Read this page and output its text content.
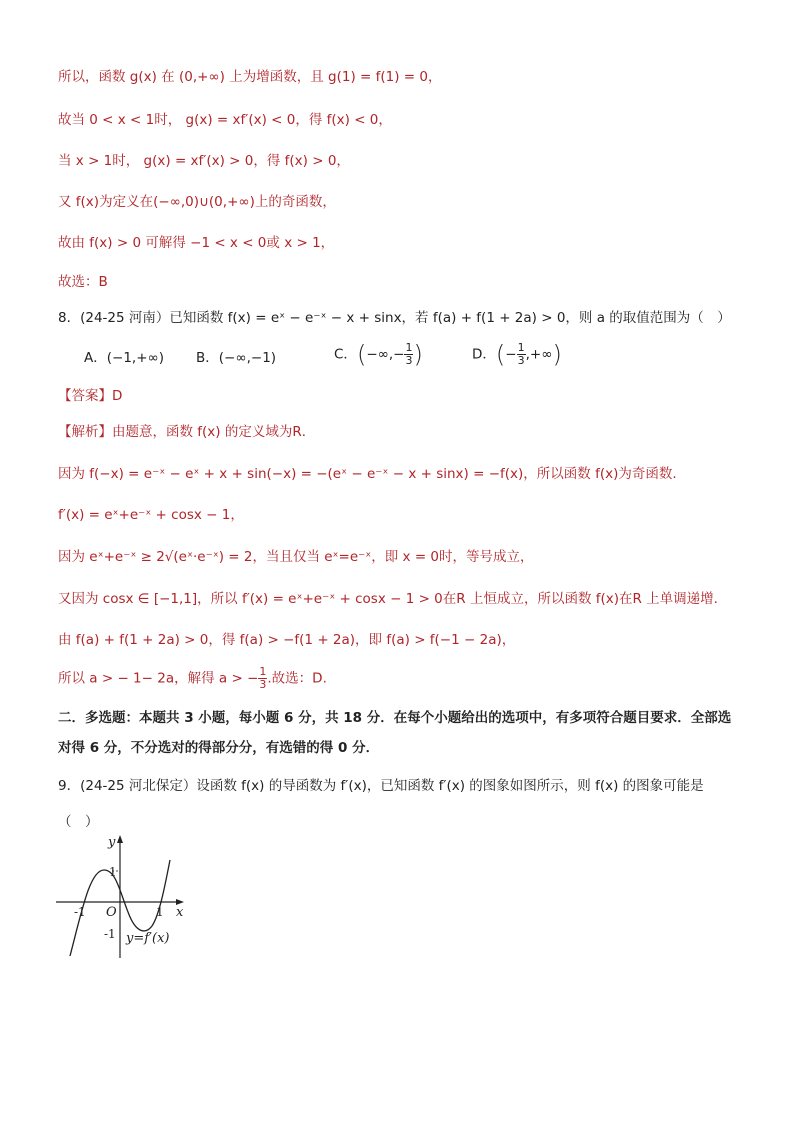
所以，函数 g(x) 在 (0,+∞) 上为增函数，且 g(1) = f(1) = 0，
故当 0 < x < 1时， g(x) = xf′(x) < 0，得 f(x) < 0，
当 x > 1时， g(x) = xf′(x) > 0，得 f(x) > 0，
又 f(x)为定义在(−∞,0)∪(0,+∞)上的奇函数，
故由 f(x) > 0 可解得 −1 < x < 0或 x > 1，
故选：B
8．(24-25 河南）已知函数 f(x) = eˣ − e⁻ˣ − x + sinx，若 f(a) + f(1 + 2a) > 0，则 a 的取值范围为（　）
A．(−1,+∞) B．(−∞,−1)	C．(−∞,− $\frac{1}{3}$ )	D．(− $\frac{1}{3}$ ,+∞)
【答案】D
【解析】由题意，函数 f(x) 的定义域为R．
因为 f(−x) = e⁻ˣ − eˣ + x + sin(−x) = −(eˣ − e⁻ˣ − x + sinx) = −f(x)，所以函数 f(x)为奇函数.
f′(x) = eˣ+e⁻ˣ + cosx − 1，
因为 eˣ+e⁻ˣ ≥ 2√(eˣ·e⁻ˣ) = 2，当且仅当 eˣ=e⁻ˣ，即 x = 0时，等号成立，
又因为 cosx ∈ [−1,1]，所以 f′(x) = eˣ+e⁻ˣ + cosx − 1 > 0在R 上恒成立，所以函数 f(x)在R 上单调递增.
由 f(a) + f(1 + 2a) > 0，得 f(a) > −f(1 + 2a)，即 f(a) > f(−1 − 2a)，
所以 a > − 1− 2a，解得 a > − $\frac{1}{3}$ .故选：D.
二．多选题：本题共 3 小题，每小题 6 分，共 18 分．在每个小题给出的选项中，有多项符合题目要求．全部选
对得 6 分，不分选对的得部分分，有选错的得 0 分．
9．(24-25 河北保定）设函数 f(x) 的导函数为 f′(x)，已知函数 f′(x) 的图象如图所示，则 f(x) 的图象可能是
（　）
y
x
O
1
-1
-1	1
y=f′(x)
